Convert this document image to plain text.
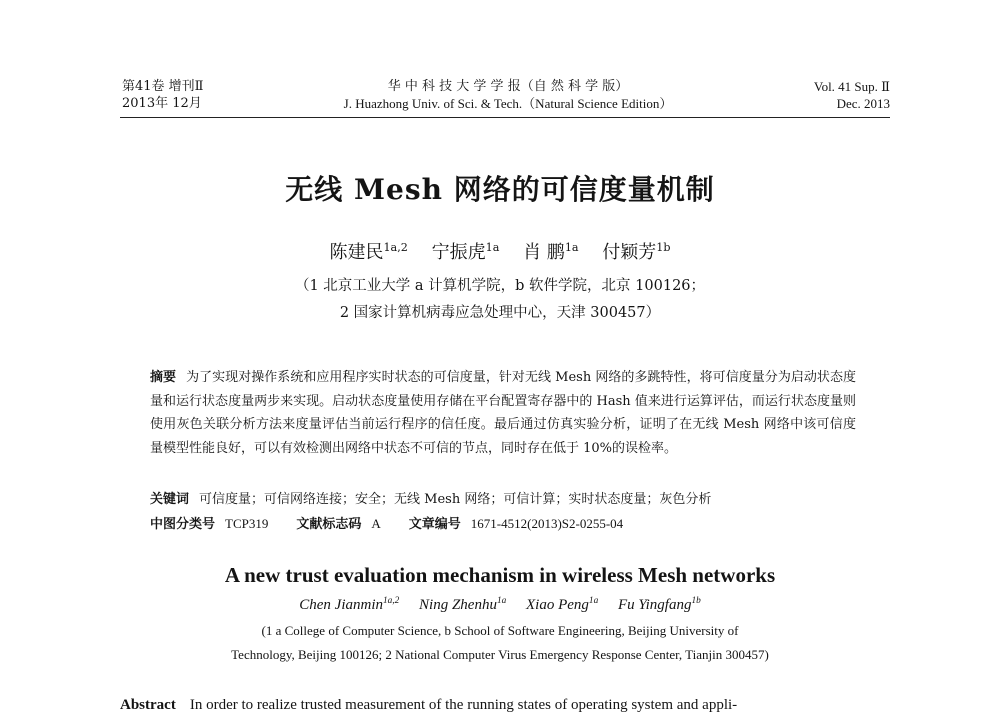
第41卷 增刊Ⅱ
2013年 12月
华 中 科 技 大 学 学 报（自 然 科 学 版）
J. Huazhong Univ. of Sci. & Tech.（Natural Science Edition）
Vol. 41 Sup. Ⅱ
Dec. 2013
无线 Mesh 网络的可信度量机制
陈建民$^{1a,2}$ 宁振虎$^{1a}$ 肖 鹏$^{1a}$ 付颖芳$^{1b}$
（1 北京工业大学 a 计算机学院，b 软件学院，北京 100126；
2 国家计算机病毒应急处理中心，天津 300457）
摘要 为了实现对操作系统和应用程序实时状态的可信度量，针对无线 Mesh 网络的多跳特性，将可信度量分为启动状态度量和运行状态度量两步来实现。启动状态度量使用存储在平台配置寄存器中的 Hash 值来进行运算评估，而运行状态度量则使用灰色关联分析方法来度量评估当前运行程序的信任度。最后通过仿真实验分析，证明了在无线 Mesh 网络中该可信度量模型性能良好，可以有效检测出网络中状态不可信的节点，同时存在低于 10%的误检率。
关键词 可信度量；可信网络连接；安全；无线 Mesh 网络；可信计算；实时状态度量；灰色分析
中图分类号 TCP319 文献标志码 A 文章编号 1671-4512(2013)S2-0255-04
A new trust evaluation mechanism in wireless Mesh networks
Chen Jianmin$^{1a,2}$ Ning Zhenhu$^{1a}$ Xiao Peng$^{1a}$ Fu Yingfang$^{1b}$
(1 a College of Computer Science, b School of Software Engineering, Beijing University of
Technology, Beijing 100126; 2 National Computer Virus Emergency Response Center, Tianjin 300457)
Abstract In order to realize trusted measurement of the running states of operating system and appli-
